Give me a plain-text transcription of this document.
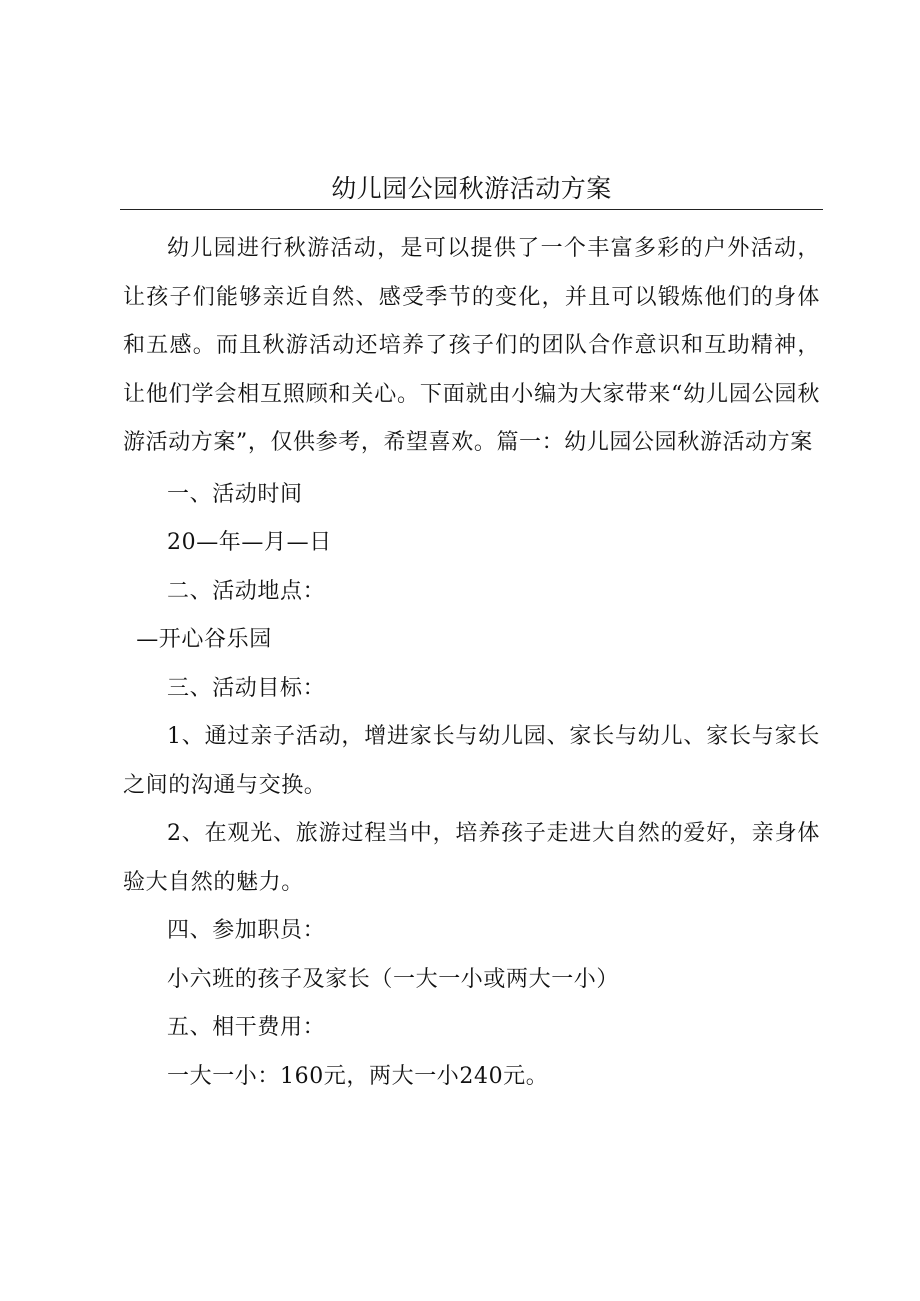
幼儿园公园秋游活动方案

幼儿园进行秋游活动，是可以提供了一个丰富多彩的户外活动，让孩子们能够亲近自然、感受季节的变化，并且可以锻炼他们的身体和五感。而且秋游活动还培养了孩子们的团队合作意识和互助精神，让他们学会相互照顾和关心。下面就由小编为大家带来“幼儿园公园秋游活动方案”，仅供参考，希望喜欢。篇一：幼儿园公园秋游活动方案

一、活动时间

20—年—月—日

二、活动地点：

—开心谷乐园

三、活动目标：

1、通过亲子活动，增进家长与幼儿园、家长与幼儿、家长与家长之间的沟通与交换。

2、在观光、旅游过程当中，培养孩子走进大自然的爱好，亲身体验大自然的魅力。

四、参加职员：

小六班的孩子及家长（一大一小或两大一小）

五、相干费用：

一大一小：160元，两大一小240元。
